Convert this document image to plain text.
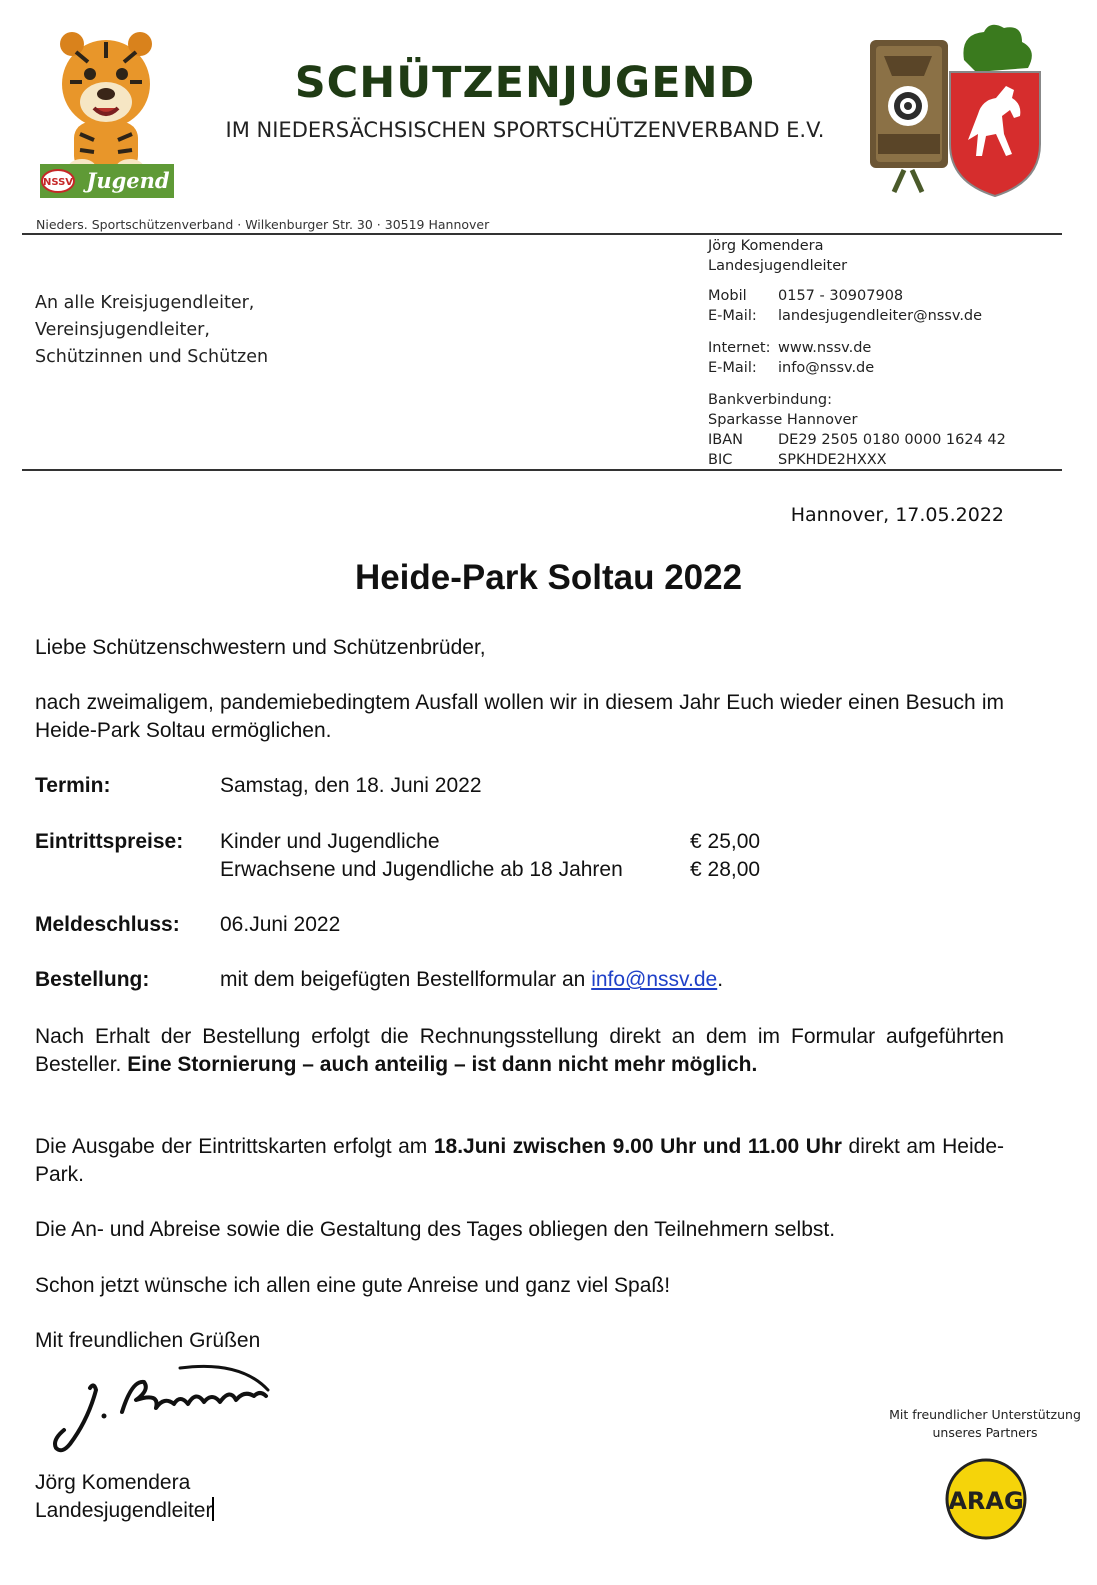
NSSV Jugend
SCHÜTZENJUGEND
IM NIEDERSÄCHSISCHEN SPORTSCHÜTZENVERBAND E.V.
Nieders. Sportschützenverband · Wilkenburger Str. 30 · 30519 Hannover
Jörg Komendera
Landesjugendleiter
Mobil 0157 - 30907908
E-Mail: landesjugendleiter@nssv.de
Internet: www.nssv.de
E-Mail: info@nssv.de
Bankverbindung:
Sparkasse Hannover
IBAN DE29 2505 0180 0000 1624 42
BIC	SPKHDE2HXXX
An alle Kreisjugendleiter,
Vereinsjugendleiter,
Schützinnen und Schützen
Hannover, 17.05.2022
Heide-Park Soltau 2022
Liebe Schützenschwestern und Schützenbrüder,
nach zweimaligem, pandemiebedingtem Ausfall wollen wir in diesem Jahr Euch wieder einen Besuch im Heide-Park Soltau ermöglichen.
Termin:	Samstag, den 18. Juni 2022
Eintrittspreise: Kinder und Jugendliche	€ 25,00
Erwachsene und Jugendliche ab 18 Jahren	€ 28,00
Meldeschluss: 06.Juni 2022
Bestellung:	mit dem beigefügten Bestellformular an info@nssv.de.
Nach Erhalt der Bestellung erfolgt die Rechnungsstellung direkt an dem im Formular aufgeführten Besteller. Eine Stornierung – auch anteilig – ist dann nicht mehr möglich.
Die Ausgabe der Eintrittskarten erfolgt am 18.Juni zwischen 9.00 Uhr und 11.00 Uhr direkt am Heide-Park.
Die An- und Abreise sowie die Gestaltung des Tages obliegen den Teilnehmern selbst.
Schon jetzt wünsche ich allen eine gute Anreise und ganz viel Spaß!
Mit freundlichen Grüßen
Jörg Komendera
Landesjugendleiter
Mit freundlicher Unterstützung
unseres Partners
ARAG
